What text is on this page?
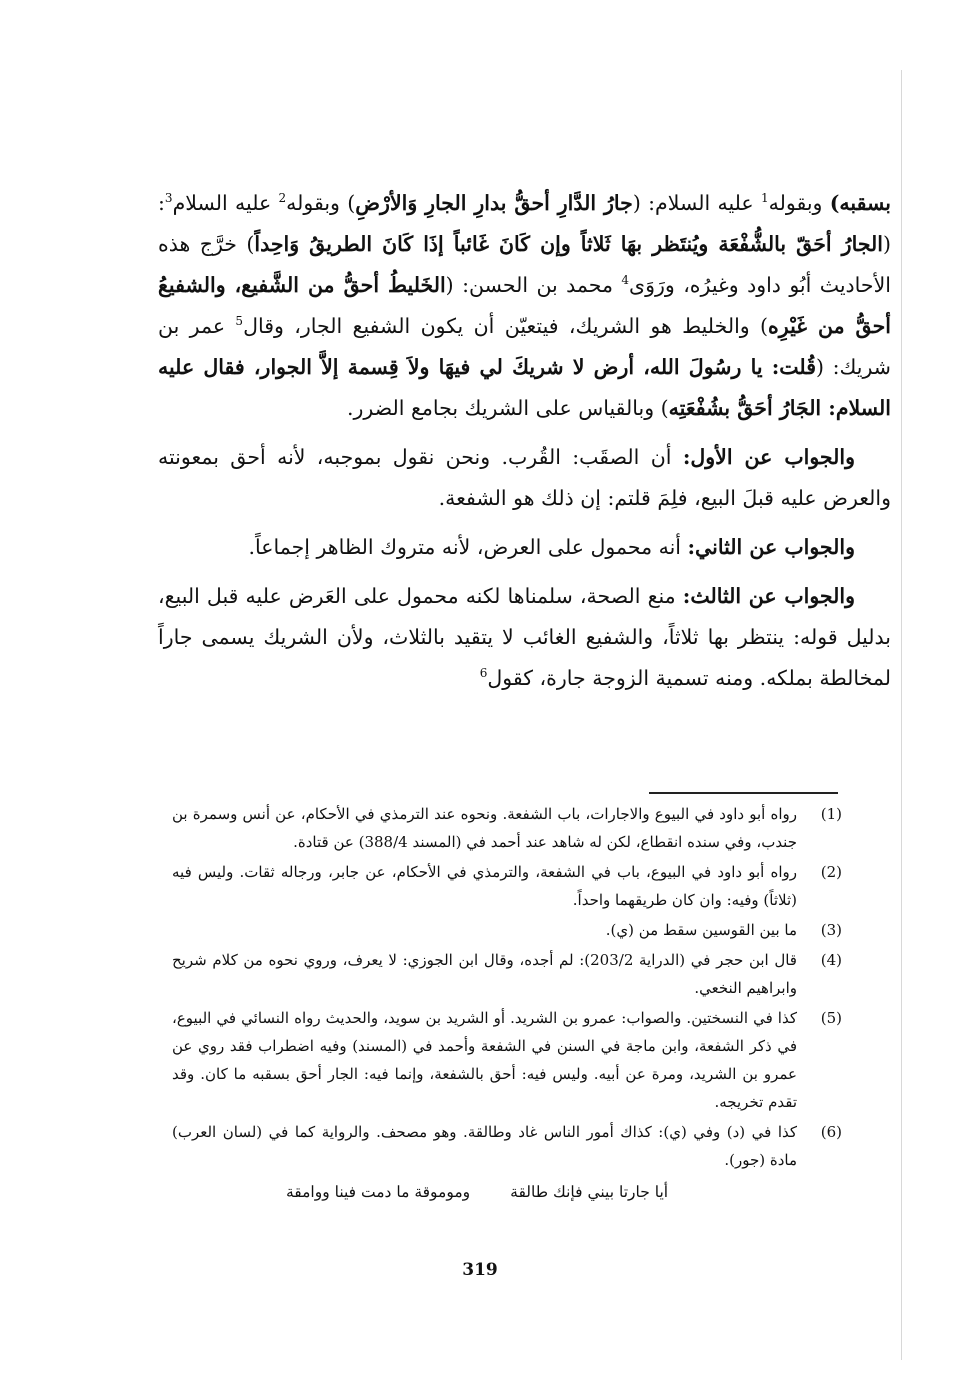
بسقبه) وبقوله$^1$ عليه السلام: (جارُ الدَّارِ أحقُّ بدارِ الجارِ وَالأرْضِ) وبقوله$^2$ عليه السلام$^3$: (الجارُ أحَقّ بالشُّفْعَة ويُنتَظر بهَا ثَلاثاً وإن كَانَ غَائباً إذَا كَانَ الطريقُ وَاحِداً) خرَّج هذه الأحاديث أبُو داود وغيرُه، ورَوَى$^4$ محمد بن الحسن: (الخَليطُ أحقُّ من الشَّفيع، والشفيعُ أحقُّ من غَيْرِه) والخليط هو الشريك، فيتعيّن أن يكون الشفيع الجار، وقال$^5$ عمر بن شريك: (قُلت: يا رسُولَ الله، أرض لا شريكَ لي فيهَا ولاَ قِسمة إلاَّ الجوار، فقال عليه السلام: الجَارُ أحَقُّ بشُفْعَتِه) وبالقياس على الشريك بجامع الضرر.

والجواب عن الأول: أن الصقَب: القُرب. ونحن نقول بموجبه، لأنه أحق بمعونته والعرض عليه قبلَ البيع، فلِمَ قلتم: إن ذلك هو الشفعة.

والجواب عن الثاني: أنه محمول على العرض، لأنه متروك الظاهر إجماعاً.

والجواب عن الثالث: منع الصحة، سلمناها لكنه محمول على العَرض عليه قبل البيع، بدليل قوله: ينتظر بها ثلاثاً، والشفيع الغائب لا يتقيد بالثلاث، ولأن الشريك يسمى جاراً لمخالطة بملكه. ومنه تسمية الزوجة جارة، كقول$^6$

(1)
رواه أبو داود في البيوع والاجارات، باب الشفعة. ونحوه عند الترمذي في الأحكام، عن أنس وسمرة بن جندب، وفي سنده انقطاع، لكن له شاهد عند أحمد في (المسند 388/4) عن قتادة.
(2)
رواه أبو داود في البيوع، باب في الشفعة، والترمذي في الأحكام، عن جابر، ورجاله ثقات. وليس فيه (ثلاثاً) وفيه: وان كان طريقهما واحداً.
(3)
ما بين القوسين سقط من (ي).
(4)
قال ابن حجر في (الدراية 203/2): لم أجده، وقال ابن الجوزي: لا يعرف، وروي نحوه من كلام شريح وابراهيم النخعي.
(5)
كذا في النسختين. والصواب: عمرو بن الشريد. أو الشريد بن سويد، والحديث رواه النسائي في البيوع، في ذكر الشفعة، وابن ماجة في السنن في الشفعة وأحمد في (المسند) وفيه اضطراب فقد روي عن عمرو بن الشريد، ومرة عن أبيه. وليس فيه: أحق بالشفعة، وإنما فيه: الجار أحق بسقبه ما كان. وقد تقدم تخريجه.
(6)
كذا في (د) وفي (ي): كذاك أمور الناس غاد وطالقة. وهو مصحف. والرواية كما في (لسان العرب) مادة (جور).
أيا جارتا بيني فإنك طالقة
وموموقة ما دمت فينا ووامقة
319
